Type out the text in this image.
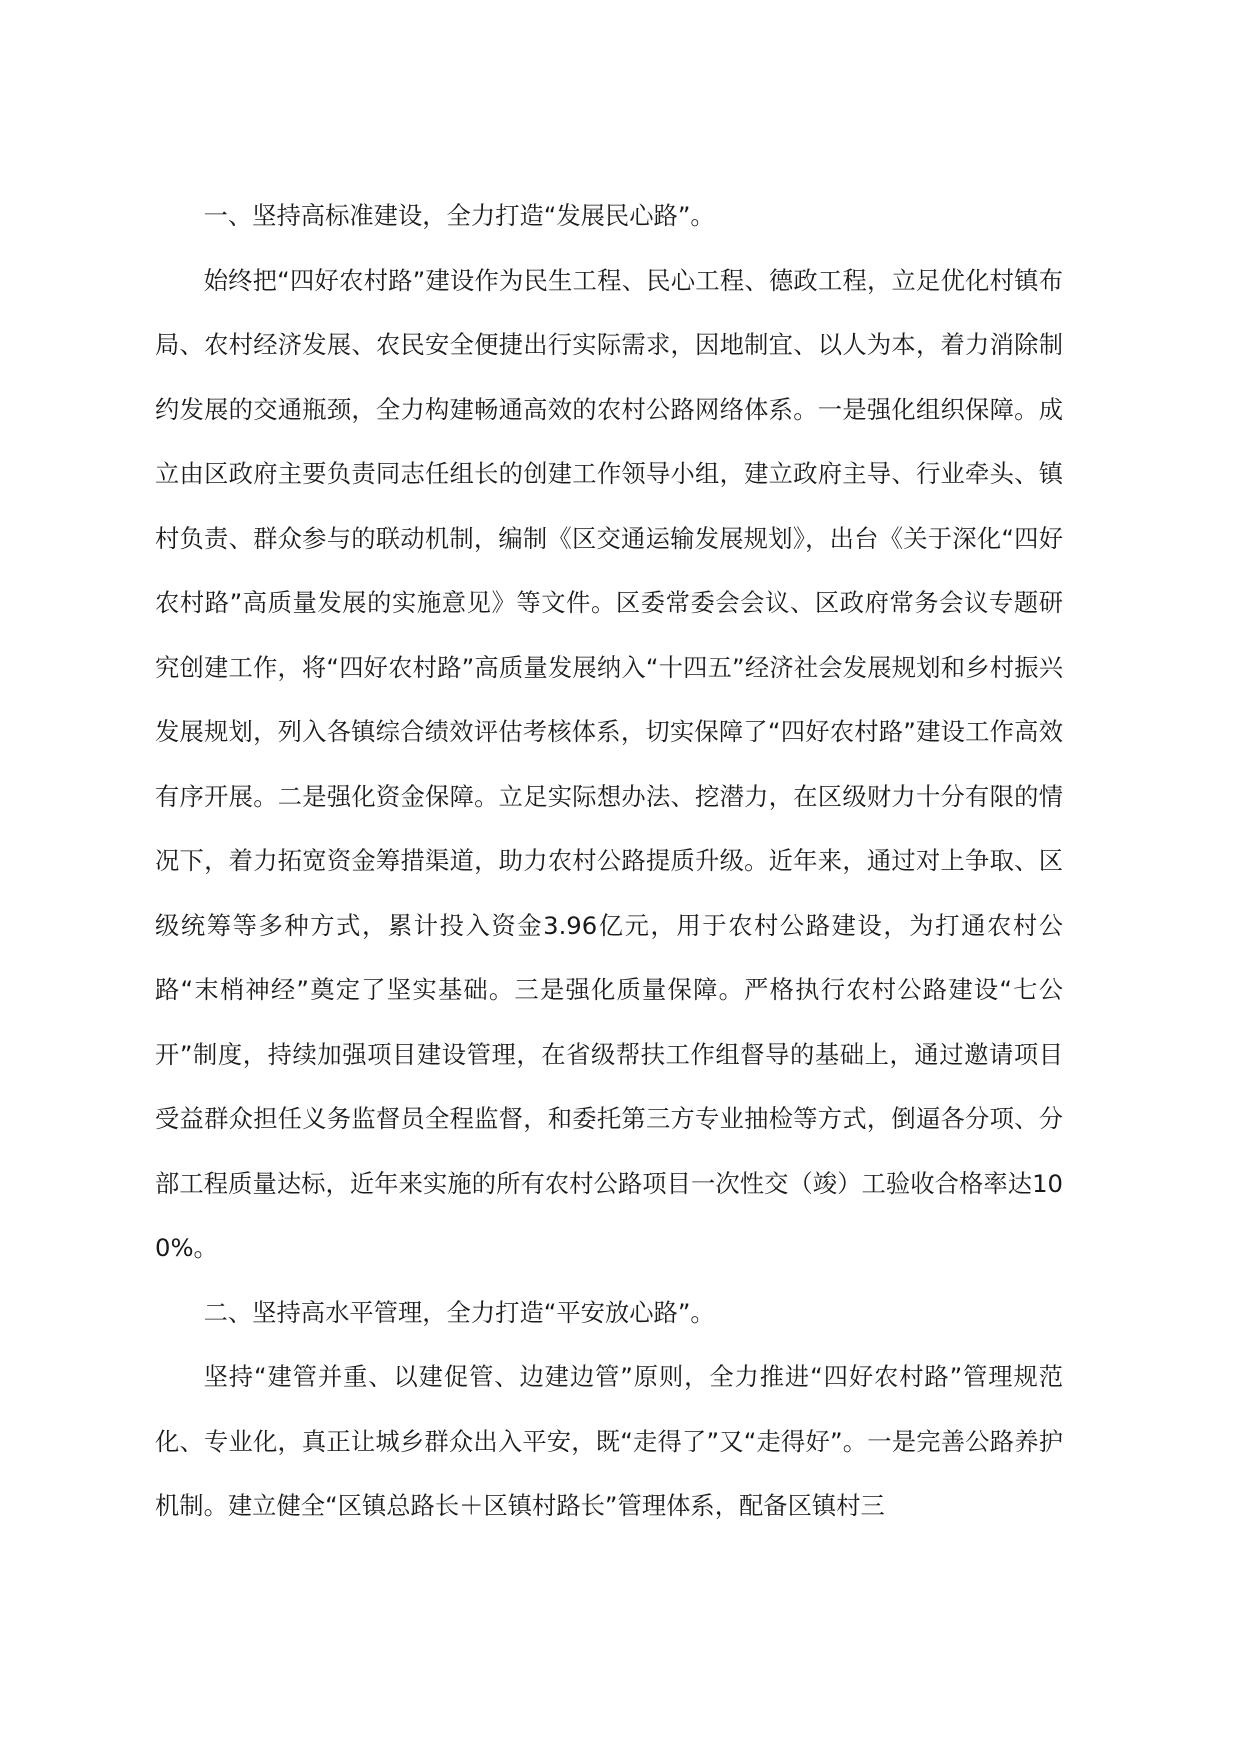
一、坚持高标准建设，全力打造“发展民心路”。

始终把“四好农村路”建设作为民生工程、民心工程、德政工程，立足优化村镇布局、农村经济发展、农民安全便捷出行实际需求，因地制宜、以人为本，着力消除制约发展的交通瓶颈，全力构建畅通高效的农村公路网络体系。一是强化组织保障。成立由区政府主要负责同志任组长的创建工作领导小组，建立政府主导、行业牵头、镇村负责、群众参与的联动机制，编制《区交通运输发展规划》，出台《关于深化“四好农村路”高质量发展的实施意见》等文件。区委常委会会议、区政府常务会议专题研究创建工作，将“四好农村路”高质量发展纳入“十四五”经济社会发展规划和乡村振兴发展规划，列入各镇综合绩效评估考核体系，切实保障了“四好农村路”建设工作高效有序开展。二是强化资金保障。立足实际想办法、挖潜力，在区级财力十分有限的情况下，着力拓宽资金筹措渠道，助力农村公路提质升级。近年来，通过对上争取、区级统筹等多种方式，累计投入资金3.96亿元，用于农村公路建设，为打通农村公路“末梢神经”奠定了坚实基础。三是强化质量保障。严格执行农村公路建设“七公开”制度，持续加强项目建设管理，在省级帮扶工作组督导的基础上，通过邀请项目受益群众担任义务监督员全程监督，和委托第三方专业抽检等方式，倒逼各分项、分部工程质量达标，近年来实施的所有农村公路项目一次性交（竣）工验收合格率达100%。

二、坚持高水平管理，全力打造“平安放心路”。

坚持“建管并重、以建促管、边建边管”原则，全力推进“四好农村路”管理规范化、专业化，真正让城乡群众出入平安，既“走得了”又“走得好”。一是完善公路养护机制。建立健全“区镇总路长＋区镇村路长”管理体系，配备区镇村三
